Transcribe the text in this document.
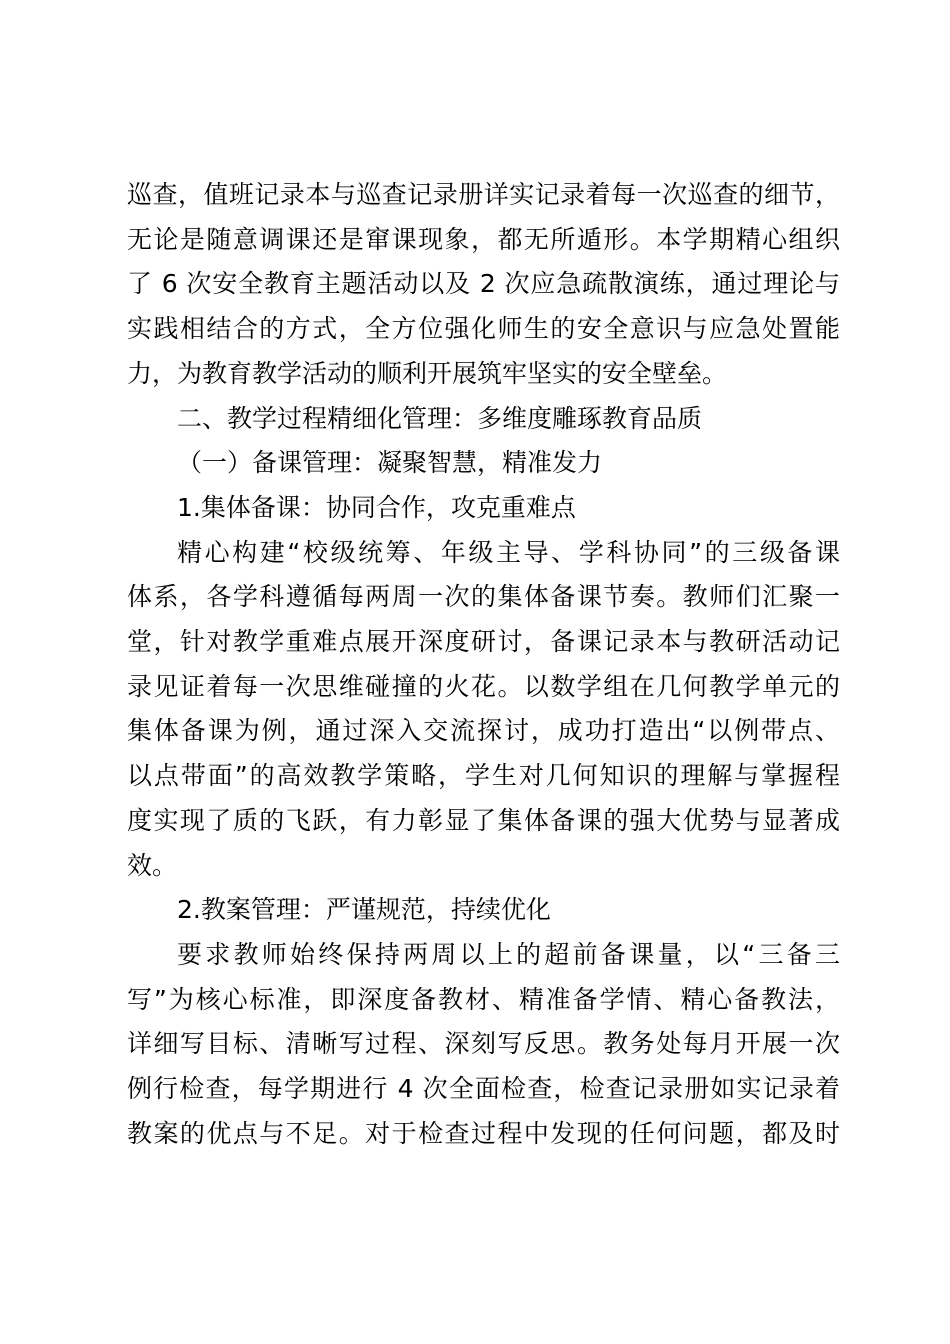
巡查，值班记录本与巡查记录册详实记录着每一次巡查的细节，
无论是随意调课还是窜课现象，都无所遁形。本学期精心组织
了 6 次安全教育主题活动以及 2 次应急疏散演练，通过理论与
实践相结合的方式，全方位强化师生的安全意识与应急处置能
力，为教育教学活动的顺利开展筑牢坚实的安全壁垒。

二、教学过程精细化管理：多维度雕琢教育品质

（一）备课管理：凝聚智慧，精准发力

1.集体备课：协同合作，攻克重难点

精心构建“校级统筹、年级主导、学科协同”的三级备课
体系，各学科遵循每两周一次的集体备课节奏。教师们汇聚一
堂，针对教学重难点展开深度研讨，备课记录本与教研活动记
录见证着每一次思维碰撞的火花。以数学组在几何教学单元的
集体备课为例，通过深入交流探讨，成功打造出“以例带点、
以点带面”的高效教学策略，学生对几何知识的理解与掌握程
度实现了质的飞跃，有力彰显了集体备课的强大优势与显著成
效。

2.教案管理：严谨规范，持续优化

要求教师始终保持两周以上的超前备课量，以“三备三
写”为核心标准，即深度备教材、精准备学情、精心备教法，
详细写目标、清晰写过程、深刻写反思。教务处每月开展一次
例行检查，每学期进行 4 次全面检查，检查记录册如实记录着
教案的优点与不足。对于检查过程中发现的任何问题，都及时
